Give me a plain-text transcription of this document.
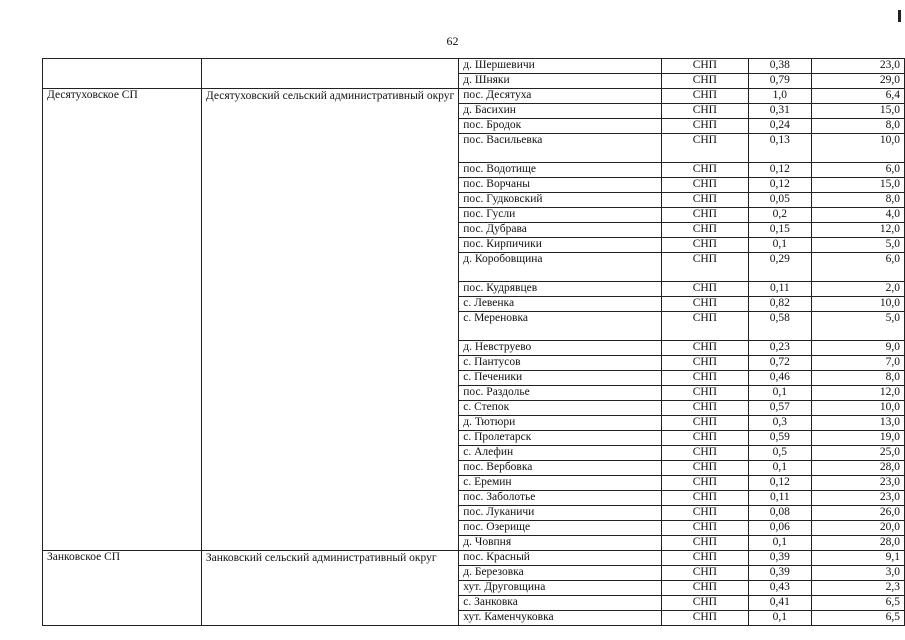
62
		д. Шершевичи	СНП	0,38	23,0
		д. Шняки	СНП	0,79	29,0
Десятуховское СП	Десятуховский сельский административный округ	пос. Десятуха	СНП	1,0	6,4
		д. Басихин	СНП	0,31	15,0
		пос. Бродок	СНП	0,24	8,0
		пос. Васильевка	СНП	0,13	10,0
		пос. Водотище	СНП	0,12	6,0
		пос. Ворчаны	СНП	0,12	15,0
		пос. Гудковский	СНП	0,05	8,0
		пос. Гусли	СНП	0,2	4,0
		пос. Дубрава	СНП	0,15	12,0
		пос. Кирпичики	СНП	0,1	5,0
		д. Коробовщина	СНП	0,29	6,0
		пос. Кудрявцев	СНП	0,11	2,0
		с. Левенка	СНП	0,82	10,0
		с. Мереновка	СНП	0,58	5,0
		д. Невструево	СНП	0,23	9,0
		с. Пантусов	СНП	0,72	7,0
		с. Печеники	СНП	0,46	8,0
		пос. Раздолье	СНП	0,1	12,0
		с. Степок	СНП	0,57	10,0
		д. Тютюри	СНП	0,3	13,0
		с. Пролетарск	СНП	0,59	19,0
		с. Алефин	СНП	0,5	25,0
		пос. Вербовка	СНП	0,1	28,0
		с. Еремин	СНП	0,12	23,0
		пос. Заболотье	СНП	0,11	23,0
		пос. Луканичи	СНП	0,08	26,0
		пос. Озерище	СНП	0,06	20,0
		д. Човпня	СНП	0,1	28,0
Занковское СП	Занковский сельский административный округ	пос. Красный	СНП	0,39	9,1
		д. Березовка	СНП	0,39	3,0
		хут. Друговщина	СНП	0,43	2,3
		с. Занковка	СНП	0,41	6,5
		хут. Каменчуковка	СНП	0,1	6,5
